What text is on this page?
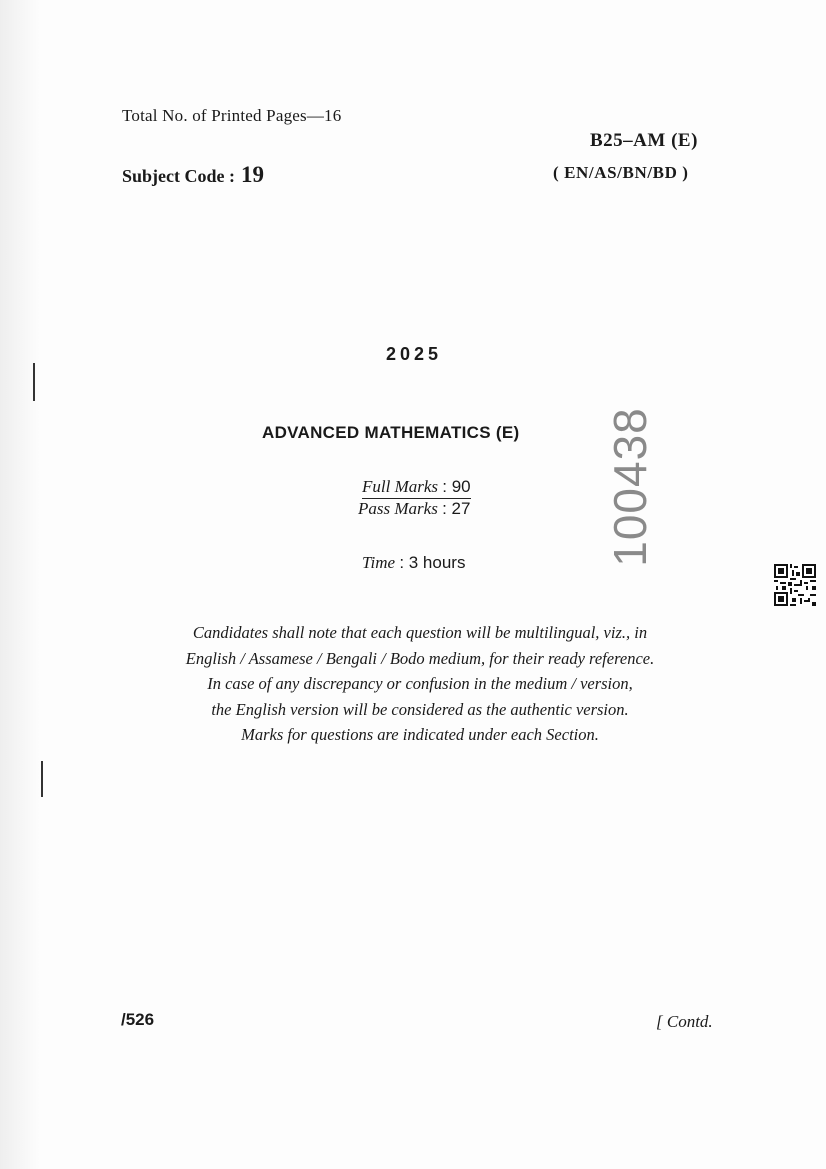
Total No. of Printed Pages—16
B25–AM (E)
Subject Code : 19	( EN/AS/BN/BD )
2025
ADVANCED MATHEMATICS (E)
Full Marks : 90
Pass Marks : 27
Time : 3 hours	100438
Candidates shall note that each question will be multilingual, viz., in
English / Assamese / Bengali / Bodo medium, for their ready reference.
In case of any discrepancy or confusion in the medium / version,
the English version will be considered as the authentic version.
Marks for questions are indicated under each Section.
/526	[ Contd.
